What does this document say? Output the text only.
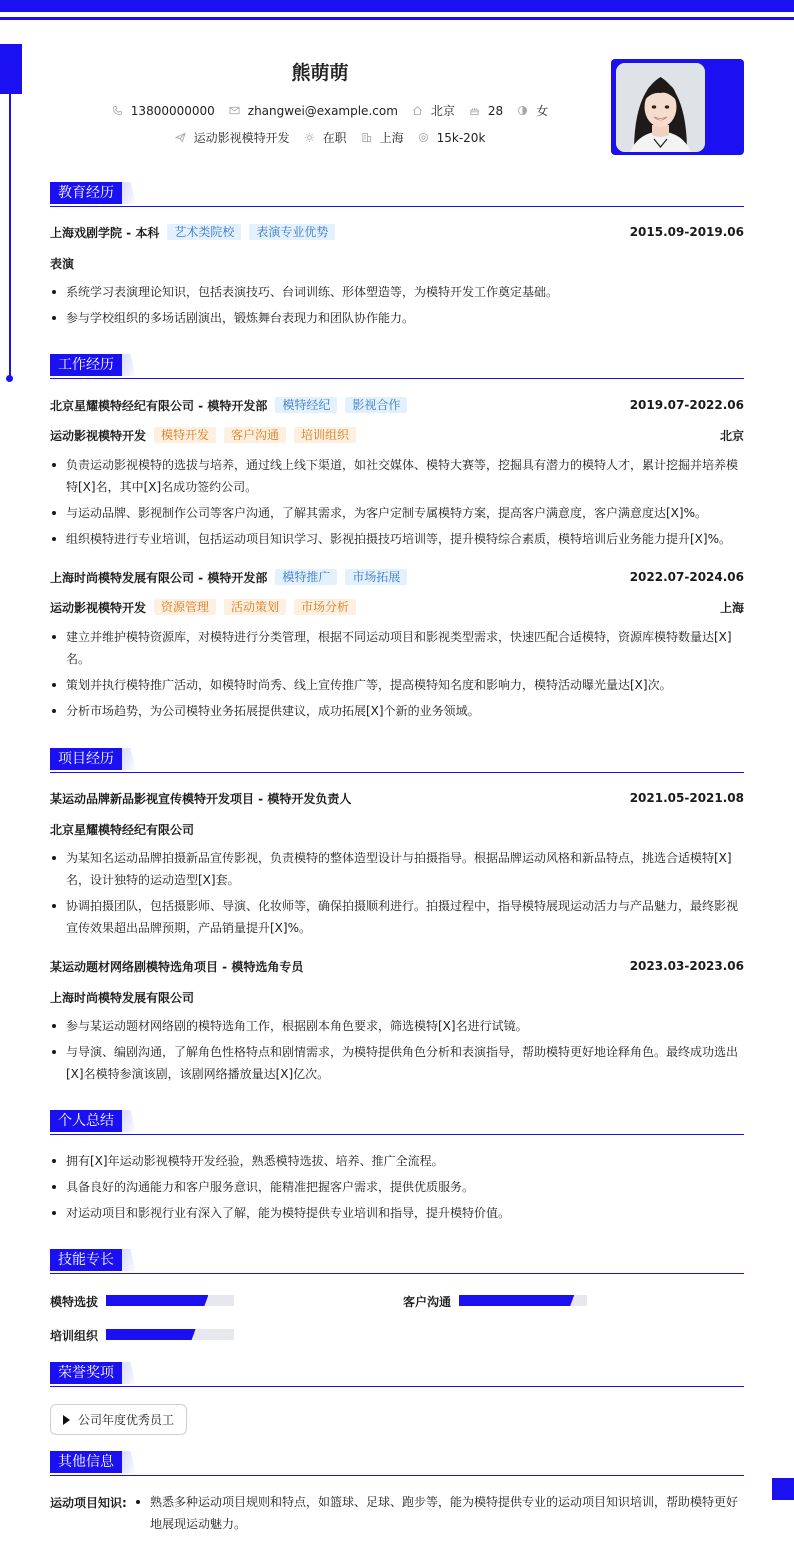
熊萌萌
13800000000	zhangwei@example.com	北京	28	女
运动影视模特开发	在职	上海	15k-20k
教育经历
上海戏剧学院 - 本科	艺术类院校	表演专业优势	2015.09-2019.06
表演
系统学习表演理论知识，包括表演技巧、台词训练、形体塑造等，为模特开发工作奠定基础。
参与学校组织的多场话剧演出，锻炼舞台表现力和团队协作能力。
工作经历
北京星耀模特经纪有限公司 - 模特开发部	模特经纪	影视合作	2019.07-2022.06
运动影视模特开发	模特开发	客户沟通	培训组织	北京
负责运动影视模特的选拔与培养，通过线上线下渠道，如社交媒体、模特大赛等，挖掘具有潜力的模特人才，累计挖掘并培养模特[X]名，其中[X]名成功签约公司。
与运动品牌、影视制作公司等客户沟通，了解其需求，为客户定制专属模特方案，提高客户满意度，客户满意度达[X]%。
组织模特进行专业培训，包括运动项目知识学习、影视拍摄技巧培训等，提升模特综合素质，模特培训后业务能力提升[X]%。
上海时尚模特发展有限公司 - 模特开发部	模特推广	市场拓展	2022.07-2024.06
运动影视模特开发	资源管理	活动策划	市场分析	上海
建立并维护模特资源库，对模特进行分类管理，根据不同运动项目和影视类型需求，快速匹配合适模特，资源库模特数量达[X]名。
策划并执行模特推广活动，如模特时尚秀、线上宣传推广等，提高模特知名度和影响力，模特活动曝光量达[X]次。
分析市场趋势，为公司模特业务拓展提供建议，成功拓展[X]个新的业务领域。
项目经历
某运动品牌新品影视宣传模特开发项目 - 模特开发负责人	2021.05-2021.08
北京星耀模特经纪有限公司
为某知名运动品牌拍摄新品宣传影视，负责模特的整体造型设计与拍摄指导。根据品牌运动风格和新品特点，挑选合适模特[X]名，设计独特的运动造型[X]套。
协调拍摄团队，包括摄影师、导演、化妆师等，确保拍摄顺利进行。拍摄过程中，指导模特展现运动活力与产品魅力，最终影视宣传效果超出品牌预期，产品销量提升[X]%。
某运动题材网络剧模特选角项目 - 模特选角专员	2023.03-2023.06
上海时尚模特发展有限公司
参与某运动题材网络剧的模特选角工作，根据剧本角色要求，筛选模特[X]名进行试镜。
与导演、编剧沟通，了解角色性格特点和剧情需求，为模特提供角色分析和表演指导，帮助模特更好地诠释角色。最终成功选出[X]名模特参演该剧，该剧网络播放量达[X]亿次。
个人总结
拥有[X]年运动影视模特开发经验，熟悉模特选拔、培养、推广全流程。
具备良好的沟通能力和客户服务意识，能精准把握客户需求，提供优质服务。
对运动项目和影视行业有深入了解，能为模特提供专业培训和指导，提升模特价值。
技能专长
模特选拔	客户沟通
培训组织
荣誉奖项
公司年度优秀员工
其他信息
运动项目知识:	熟悉多种运动项目规则和特点，如篮球、足球、跑步等，能为模特提供专业的运动项目知识培训，帮助模特更好地展现运动魅力。
